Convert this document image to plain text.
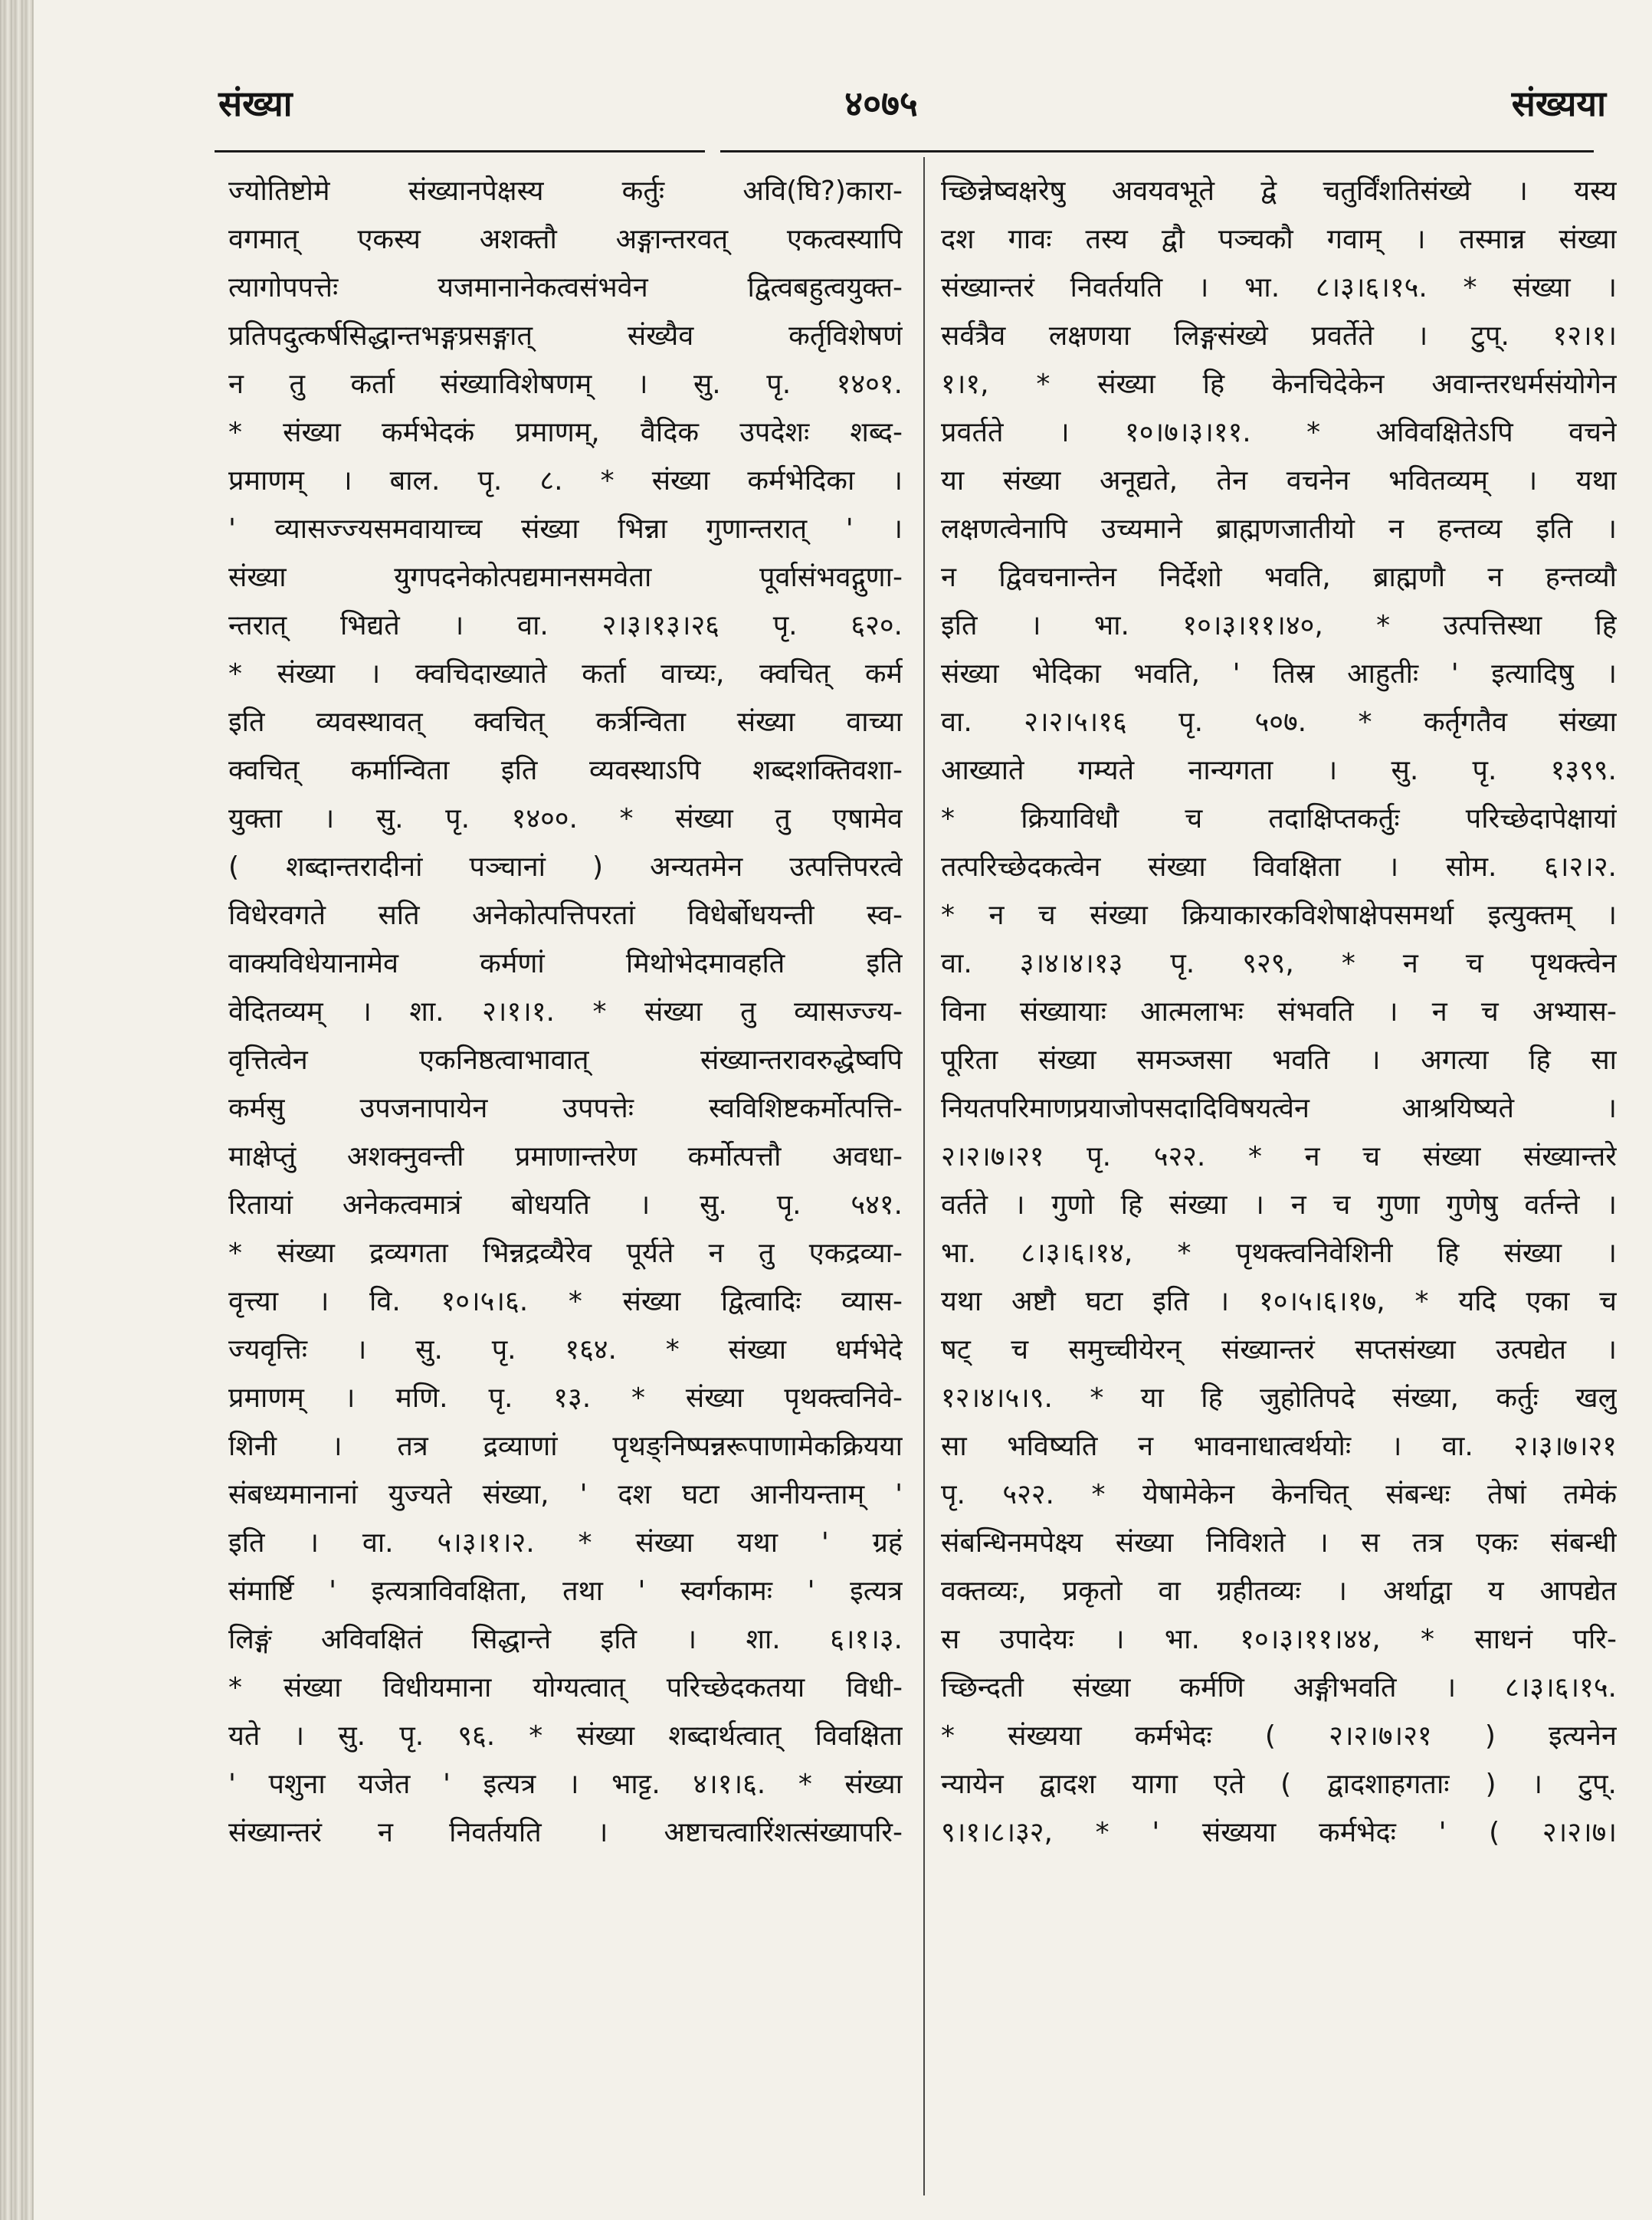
संख्या	४०७५	संख्यया
ज्योतिष्टोमे संख्यानपेक्षस्य कर्तुः अवि(घि?)कारा-
वगमात् एकस्य अशक्तौ अङ्गान्तरवत् एकत्वस्यापि
त्यागोपपत्तेः यजमानानेकत्वसंभवेन द्वित्वबहुत्वयुक्त-
प्रतिपदुत्कर्षसिद्धान्तभङ्गप्रसङ्गात् संख्यैव कर्तृविशेषणं
न तु कर्ता संख्याविशेषणम् । सु. पृ. १४०१.
* संख्या कर्मभेदकं प्रमाणम्, वैदिक उपदेशः शब्द-
प्रमाणम् । बाल. पृ. ८. * संख्या कर्मभेदिका ।
' व्यासज्ज्यसमवायाच्च संख्या भिन्ना गुणान्तरात् ' ।
संख्या युगपदनेकोत्पद्यमानसमवेता पूर्वासंभवद्गुणा-
न्तरात् भिद्यते । वा. २।३।१३।२६ पृ. ६२०.
* संख्या । क्वचिदाख्याते कर्ता वाच्यः, क्वचित् कर्म
इति व्यवस्थावत् क्वचित् कर्त्रन्विता संख्या वाच्या
क्वचित् कर्मान्विता इति व्यवस्थाऽपि शब्दशक्तिवशा-
युक्ता । सु. पृ. १४००. * संख्या तु एषामेव
( शब्दान्तरादीनां पञ्चानां ) अन्यतमेन उत्पत्तिपरत्वे
विधेरवगते सति अनेकोत्पत्तिपरतां विधेर्बोधयन्ती स्व-
वाक्यविधेयानामेव कर्मणां मिथोभेदमावहति इति
वेदितव्यम् । शा. २।१।१. * संख्या तु व्यासज्ज्य-
वृत्तित्वेन एकनिष्ठत्वाभावात् संख्यान्तरावरुद्धेष्वपि
कर्मसु उपजनापायेन उपपत्तेः स्वविशिष्टकर्मोत्पत्ति-
माक्षेप्तुं अशक्नुवन्ती प्रमाणान्तरेण कर्मोत्पत्तौ अवधा-
रितायां अनेकत्वमात्रं बोधयति । सु. पृ. ५४१.
* संख्या द्रव्यगता भिन्नद्रव्यैरेव पूर्यते न तु एकद्रव्या-
वृत्त्या । वि. १०।५।६. * संख्या द्वित्वादिः व्यास-
ज्यवृत्तिः । सु. पृ. १६४. * संख्या धर्मभेदे
प्रमाणम् । मणि. पृ. १३. * संख्या पृथक्त्वनिवे-
शिनी । तत्र द्रव्याणां पृथङ्निष्पन्नरूपाणामेकक्रियया
संबध्यमानानां युज्यते संख्या, ' दश घटा आनीयन्ताम् '
इति । वा. ५।३।१।२. * संख्या यथा ' ग्रहं
संमार्ष्टि ' इत्यत्राविवक्षिता, तथा ' स्वर्गकामः ' इत्यत्र
लिङ्गं अविवक्षितं सिद्धान्ते इति । शा. ६।१।३.
* संख्या विधीयमाना योग्यत्वात् परिच्छेदकतया विधी-
यते । सु. पृ. ९६. * संख्या शब्दार्थत्वात् विवक्षिता
' पशुना यजेत ' इत्यत्र । भाट्ट. ४।१।६. * संख्या
संख्यान्तरं न निवर्तयति । अष्टाचत्वारिंशत्संख्यापरि-
च्छिन्नेष्वक्षरेषु अवयवभूते द्वे चतुर्विंशतिसंख्ये । यस्य
दश गावः तस्य द्वौ पञ्चकौ गवाम् । तस्मान्न संख्या
संख्यान्तरं निवर्तयति । भा. ८।३।६।१५. * संख्या ।
सर्वत्रैव लक्षणया लिङ्गसंख्ये प्रवर्तेते । टुप्. १२।१।
१।१, * संख्या हि केनचिदेकेन अवान्तरधर्मसंयोगेन
प्रवर्तते । १०।७।३।११. * अविवक्षितेऽपि वचने
या संख्या अनूद्यते, तेन वचनेन भवितव्यम् । यथा
लक्षणत्वेनापि उच्यमाने ब्राह्मणजातीयो न हन्तव्य इति ।
न द्विवचनान्तेन निर्देशो भवति, ब्राह्मणौ न हन्तव्यौ
इति । भा. १०।३।११।४०, * उत्पत्तिस्था हि
संख्या भेदिका भवति, ' तिस्र आहुतीः ' इत्यादिषु ।
वा. २।२।५।१६ पृ. ५०७. * कर्तृगतैव संख्या
आख्याते गम्यते नान्यगता । सु. पृ. १३९९.
* क्रियाविधौ च तदाक्षिप्तकर्तुः परिच्छेदापेक्षायां
तत्परिच्छेदकत्वेन संख्या विवक्षिता । सोम. ६।२।२.
* न च संख्या क्रियाकारकविशेषाक्षेपसमर्था इत्युक्तम् ।
वा. ३।४।४।१३ पृ. ९२९, * न च पृथक्त्वेन
विना संख्यायाः आत्मलाभः संभवति । न च अभ्यास-
पूरिता संख्या समञ्जसा भवति । अगत्या हि सा
नियतपरिमाणप्रयाजोपसदादिविषयत्वेन आश्रयिष्यते ।
२।२।७।२१ पृ. ५२२. * न च संख्या संख्यान्तरे
वर्तते । गुणो हि संख्या । न च गुणा गुणेषु वर्तन्ते ।
भा. ८।३।६।१४, * पृथक्त्वनिवेशिनी हि संख्या ।
यथा अष्टौ घटा इति । १०।५।६।१७, * यदि एका च
षट् च समुच्चीयेरन् संख्यान्तरं सप्तसंख्या उत्पद्येत ।
१२।४।५।९. * या हि जुहोतिपदे संख्या, कर्तुः खलु
सा भविष्यति न भावनाधात्वर्थयोः । वा. २।३।७।२१
पृ. ५२२. * येषामेकेन केनचित् संबन्धः तेषां तमेकं
संबन्धिनमपेक्ष्य संख्या निविशते । स तत्र एकः संबन्धी
वक्तव्यः, प्रकृतो वा ग्रहीतव्यः । अर्थाद्वा य आपद्येत
स उपादेयः । भा. १०।३।११।४४, * साधनं परि-
च्छिन्दती संख्या कर्मणि अङ्गीभवति । ८।३।६।१५.
* संख्यया कर्मभेदः ( २।२।७।२१ ) इत्यनेन
न्यायेन द्वादश यागा एते ( द्वादशाहगताः ) । टुप्.
९।१।८।३२, * ' संख्यया कर्मभेदः ' ( २।२।७।
